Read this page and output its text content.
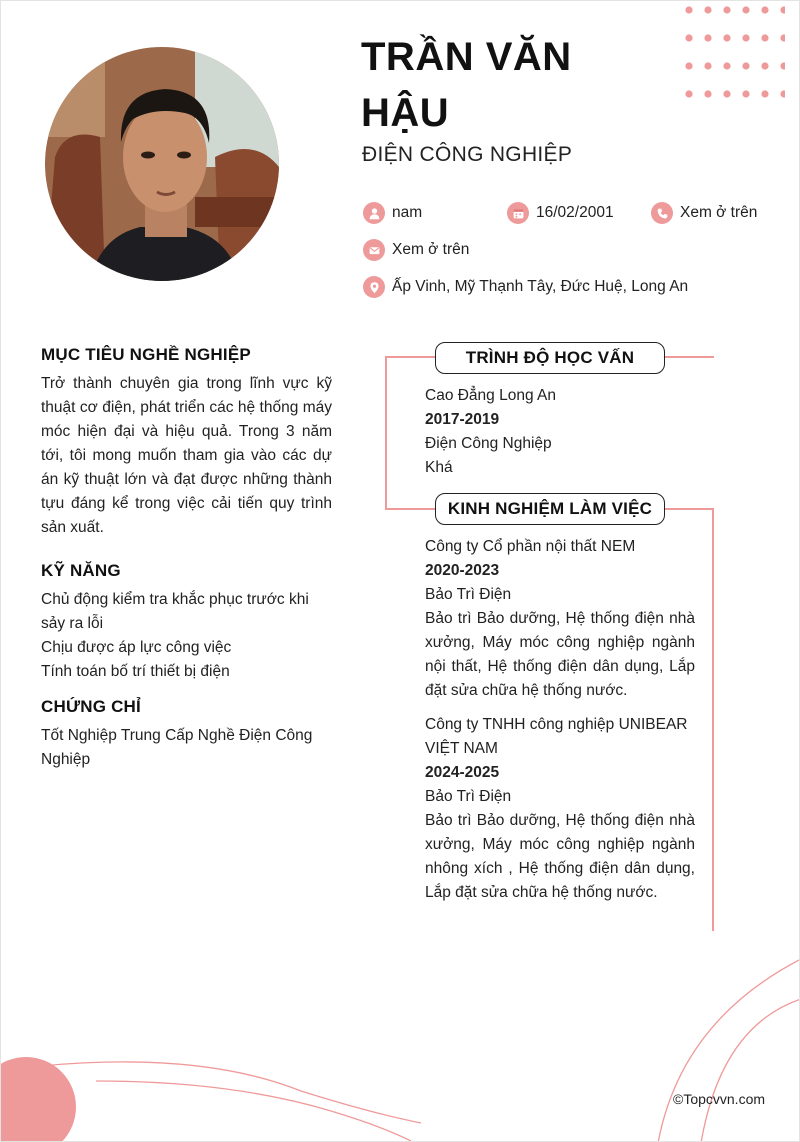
TRẦN VĂN HẬU
ĐIỆN CÔNG NGHIỆP
nam	16/02/2001	Xem ở trên
Xem ở trên
Ấp Vinh, Mỹ Thạnh Tây, Đức Huệ, Long An
MỤC TIÊU NGHỀ NGHIỆP
Trở thành chuyên gia trong lĩnh vực kỹ thuật cơ điện, phát triển các hệ thống máy móc hiện đại và hiệu quả. Trong 3 năm tới, tôi mong muốn tham gia vào các dự án kỹ thuật lớn và đạt được những thành tựu đáng kể trong việc cải tiến quy trình sản xuất.
KỸ NĂNG
Chủ động kiểm tra khắc phục trước khi sảy ra lỗi
Chịu được áp lực công việc
Tính toán bố trí thiết bị điện
CHỨNG CHỈ
Tốt Nghiệp Trung Cấp Nghề Điện Công Nghiệp
TRÌNH ĐỘ HỌC VẤN
Cao Đẳng Long An
2017-2019
Điện Công Nghiệp
Khá
KINH NGHIỆM LÀM VIỆC
Công ty Cổ phần nội thất NEM
2020-2023
Bảo Trì Điện
Bảo trì Bảo dưỡng, Hệ thống điện nhà xưởng, Máy móc công nghiệp ngành nội thất, Hệ thống điện dân dụng, Lắp đặt sửa chữa hệ thống nước.
Công ty TNHH công nghiệp UNIBEAR VIỆT NAM
2024-2025
Bảo Trì Điện
Bảo trì Bảo dưỡng, Hệ thống điện nhà xưởng, Máy móc công nghiệp ngành nhông xích , Hệ thống điện dân dụng, Lắp đặt sửa chữa hệ thống nước.
©Topcvvn.com
